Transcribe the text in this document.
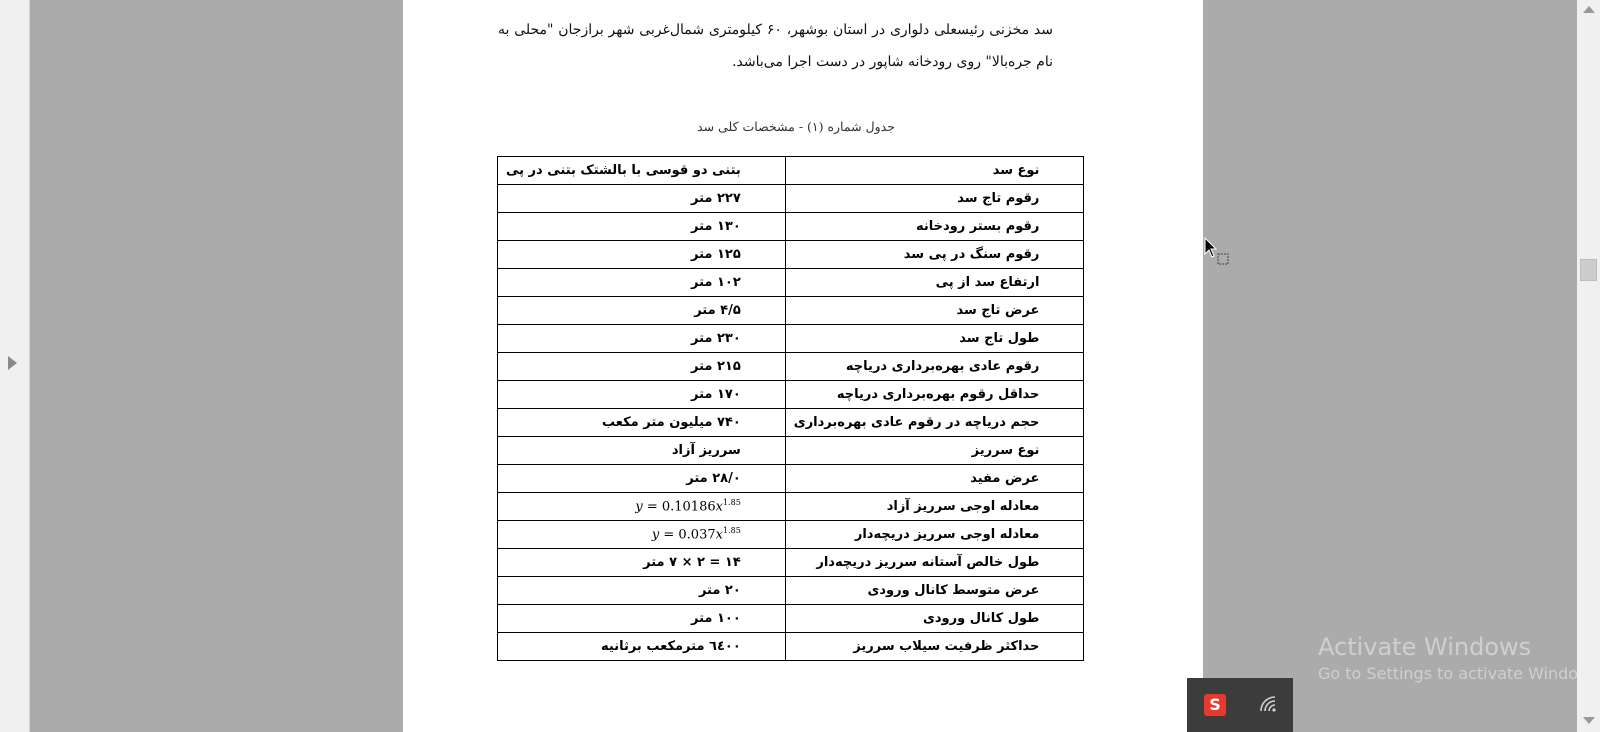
سد مخزنی رئیسعلی دلواری در استان بوشهر، ۶۰ کیلومتری شمال‌غربی شهر برازجان "محلی به نام جره‌بالا" روی رودخانه شاپور در دست اجرا می‌باشد.
جدول شماره (۱) - مشخصات کلی سد
نوع سد	بتنی دو قوسی با بالشتک بتنی در پی
رقوم تاج سد	۲۲۷ متر
رقوم بستر رودخانه	۱۳۰ متر
رقوم سنگ در پی سد	۱۲۵ متر
ارتفاع سد از پی	۱۰۲ متر
عرض تاج سد	۴/۵ متر
طول تاج سد	۲۳۰ متر
رقوم عادی بهره‌برداری دریاچه	۲۱۵ متر
حداقل رقوم بهره‌برداری دریاچه	۱۷۰ متر
حجم دریاچه در رقوم عادی بهره‌برداری	۷۴۰ میلیون متر مکعب
نوع سرریز	سرریز آزاد
عرض مفید	۲۸/۰ متر
معادله اوجی سرریز آزاد	$y = 0.10186x^{1.85}$
معادله اوجی سرریز دریچه‌دار	$y = 0.037x^{1.85}$
طول خالص آستانه سرریز دریچه‌دار	۱۴ = ۲ × ۷ متر
عرض متوسط کانال ورودی	۲۰ متر
طول کانال ورودی	۱۰۰ متر
حداکثر ظرفیت سیلاب سرریز	٦٤۰۰ مترمکعب برثانیه	Activate Windows
Go to Settings to activate Windo
S
